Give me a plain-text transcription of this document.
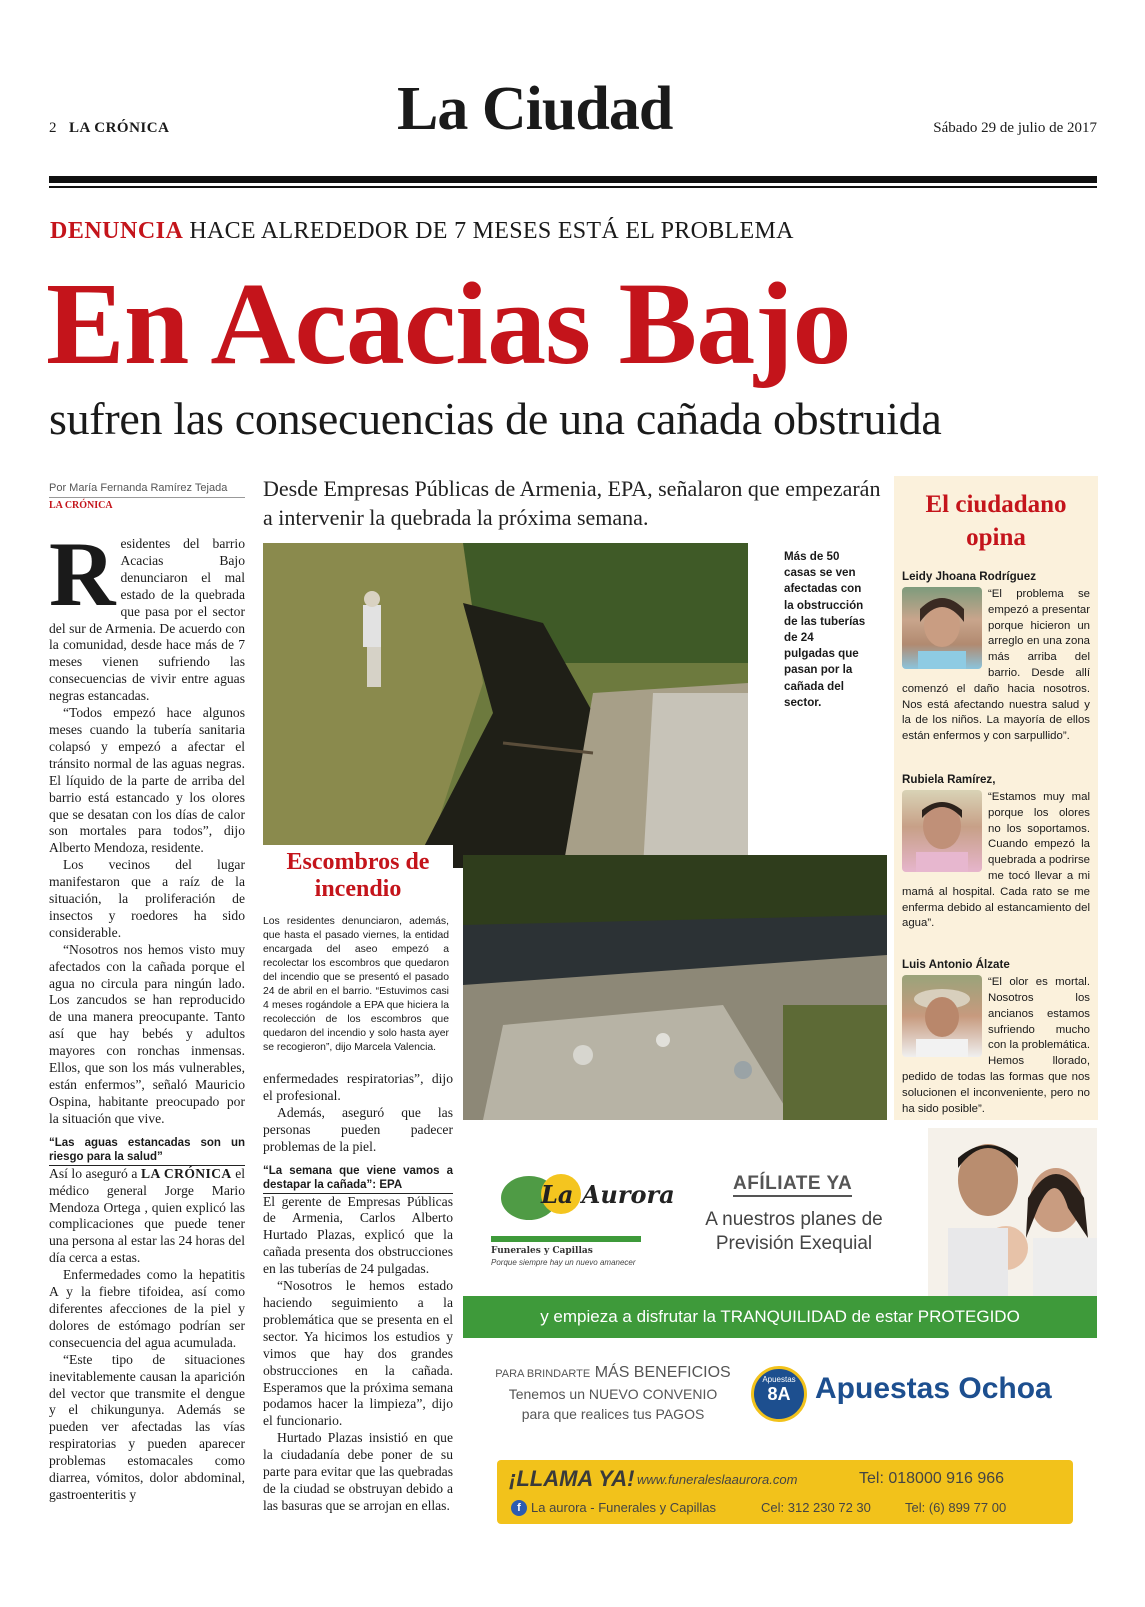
2 LA CRÓNICA	La Ciudad	Sábado 29 de julio de 2017
DENUNCIA HACE ALREDEDOR DE 7 MESES ESTÁ EL PROBLEMA
En Acacias Bajo
sufren las consecuencias de una cañada obstruida
Por María Fernanda Ramírez Tejada
LA CRÓNICA
Desde Empresas Públicas de Armenia, EPA, señalaron que empezarán a intervenir la quebrada la próxima semana.

Residentes del barrio Acacias Bajo denunciaron el mal estado de la quebrada que pasa por el sector del sur de Armenia. De acuerdo con la comunidad, desde hace más de 7 meses vienen sufriendo las consecuencias de vivir entre aguas negras estancadas.

“Todos empezó hace algunos meses cuando la tubería sanitaria colapsó y empezó a afectar el tránsito normal de las aguas negras. El líquido de la parte de arriba del barrio está estancado y los olores que se desatan con los días de calor son mortales para todos”, dijo Alberto Mendoza, residente.

Los vecinos del lugar manifestaron que a raíz de la situación, la proliferación de insectos y roedores ha sido considerable.

“Nosotros nos hemos visto muy afectados con la cañada porque el agua no circula para ningún lado. Los zancudos se han reproducido de una manera preocupante. Tanto así que hay bebés y adultos mayores con ronchas inmensas. Ellos, que son los más vulnerables, están enfermos”, señaló Mauricio Ospina, habitante preocupado por la situación que vive.

“Las aguas estancadas son un riesgo para la salud”

Así lo aseguró a LA CRÓNICA el médico general Jorge Mario Mendoza Ortega , quien explicó las complicaciones que puede tener una persona al estar las 24 horas del día cerca a estas.

Enfermedades como la hepatitis A y la fiebre tifoidea, así como diferentes afecciones de la piel y dolores de estómago podrían ser consecuencia del agua acumulada.

“Este tipo de situaciones inevitablemente causan la aparición del vector que transmite el dengue y el chikungunya. Además se pueden ver afectadas las vías respiratorias y pueden aparecer problemas estomacales como diarrea, vómitos, dolor abdominal, gastroenteritis y

Más de 50 casas se ven afectadas con la obstrucción de las tuberías de 24 pulgadas que pasan por la cañada del sector.
Escombros de incendio
Los residentes denunciaron, además, que hasta el pasado viernes, la entidad encargada del aseo empezó a recolectar los escombros que quedaron del incendio que se presentó el pasado 24 de abril en el barrio. “Estuvimos casi 4 meses rogándole a EPA que hiciera la recolección de los escombros que quedaron del incendio y solo hasta ayer se recogieron”, dijo Marcela Valencia.

enfermedades respiratorias”, dijo el profesional.

Además, aseguró que las personas pueden padecer problemas de la piel.

“La semana que viene vamos a destapar la cañada”: EPA

El gerente de Empresas Públicas de Armenia, Carlos Alberto Hurtado Plazas, explicó que la cañada presenta dos obstrucciones en las tuberías de 24 pulgadas.

“Nosotros le hemos estado haciendo seguimiento a la problemática que se presenta en el sector. Ya hicimos los estudios y vimos que hay dos grandes obstrucciones en la cañada. Esperamos que la próxima semana podamos hacer la limpieza”, dijo el funcionario.

Hurtado Plazas insistió en que la ciudadanía debe poner de su parte para evitar que las quebradas de la ciudad se obstruyan debido a las basuras que se arrojan en ellas.

El ciudadano opina
Leidy Jhoana Rodríguez
“El problema se empezó a presentar porque hicieron un arreglo en una zona más arriba del barrio. Desde allí comenzó el daño hacia nosotros. Nos está afectando nuestra salud y la de los niños. La mayoría de ellos están enfermos y con sarpullido”.
Rubiela Ramírez,
“Estamos muy mal porque los olores no los soportamos. Cuando empezó la quebrada a podrirse me tocó llevar a mi mamá al hospital. Cada rato se me enferma debido al estancamiento del agua”.
Luis Antonio Álzate
“El olor es mortal. Nosotros los ancianos estamos sufriendo mucho con la problemática. Hemos llorado, pedido de todas las formas que nos solucionen el inconveniente, pero no ha sido posible”.
La Aurora
Funerales y Capillas
Porque siempre hay un nuevo amanecer
AFÍLIATE YA
A nuestros planes de Previsión Exequial
y empieza a disfrutar la TRANQUILIDAD de estar PROTEGIDO
PARA BRINDARTE MÁS BENEFICIOS
Tenemos un NUEVO CONVENIO
para que realices tus PAGOS
Apuestas
8A Apuestas Ochoa
¡LLAMA YA! www.funeraleslaaurora.com	Tel: 018000 916 966
f La aurora - Funerales y Capillas	Cel: 312 230 72 30	Tel: (6) 899 77 00
